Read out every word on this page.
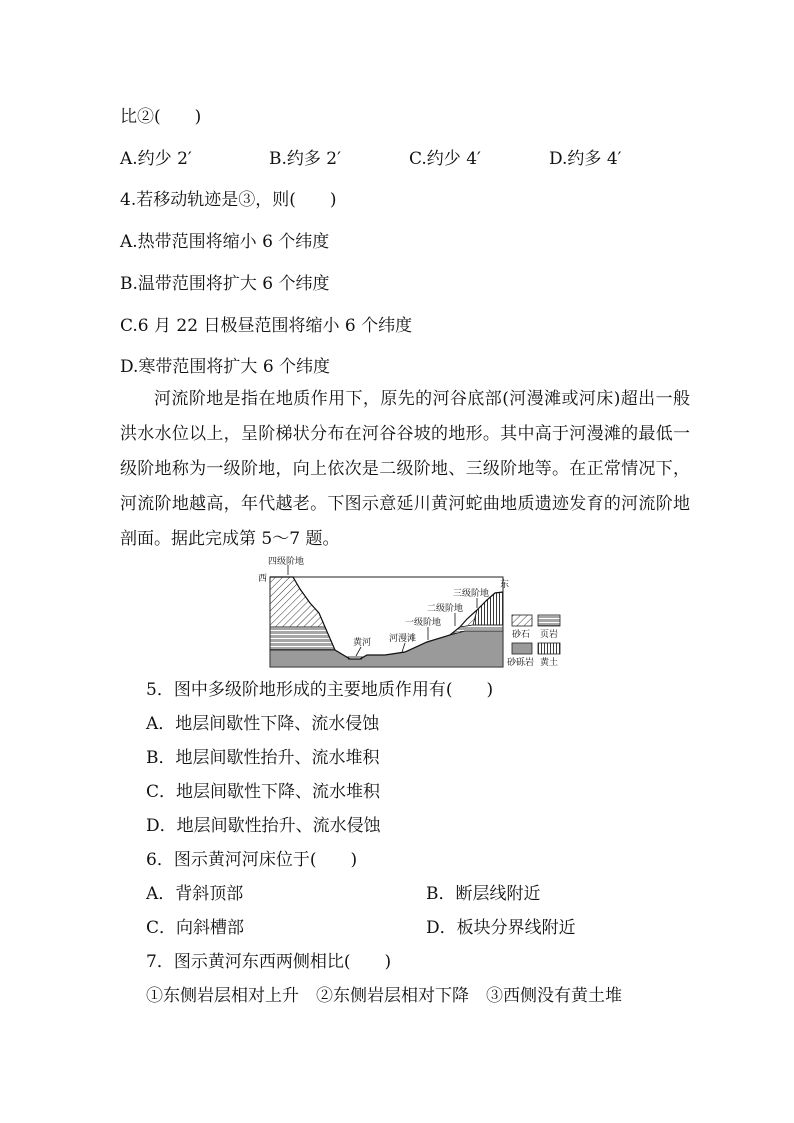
比②(　　)
A.约少 2′	B.约多 2′	C.约少 4′	D.约多 4′
4.若移动轨迹是③，则(　　)
A.热带范围将缩小 6 个纬度
B.温带范围将扩大 6 个纬度
C.6 月 22 日极昼范围将缩小 6 个纬度
D.寒带范围将扩大 6 个纬度
河流阶地是指在地质作用下，原先的河谷底部(河漫滩或河床)超出一般洪水水位以上，呈阶梯状分布在河谷谷坡的地形。其中高于河漫滩的最低一级阶地称为一级阶地，向上依次是二级阶地、三级阶地等。在正常情况下，河流阶地越高，年代越老。下图示意延川黄河蛇曲地质遗迹发育的河流阶地剖面。据此完成第 5～7 题。
四级阶地
西
三级阶地
东
二级阶地
一级阶地
河漫滩
黄河
砂石 页岩
砂砾岩 黄土
5．图中多级阶地形成的主要地质作用有(　　)
A．地层间歇性下降、流水侵蚀
B．地层间歇性抬升、流水堆积
C．地层间歇性下降、流水堆积
D．地层间歇性抬升、流水侵蚀
6．图示黄河河床位于(　　)
A．背斜顶部	B．断层线附近
C．向斜槽部	D．板块分界线附近
7．图示黄河东西两侧相比(　　)
①东侧岩层相对上升　②东侧岩层相对下降　③西侧没有黄土堆
